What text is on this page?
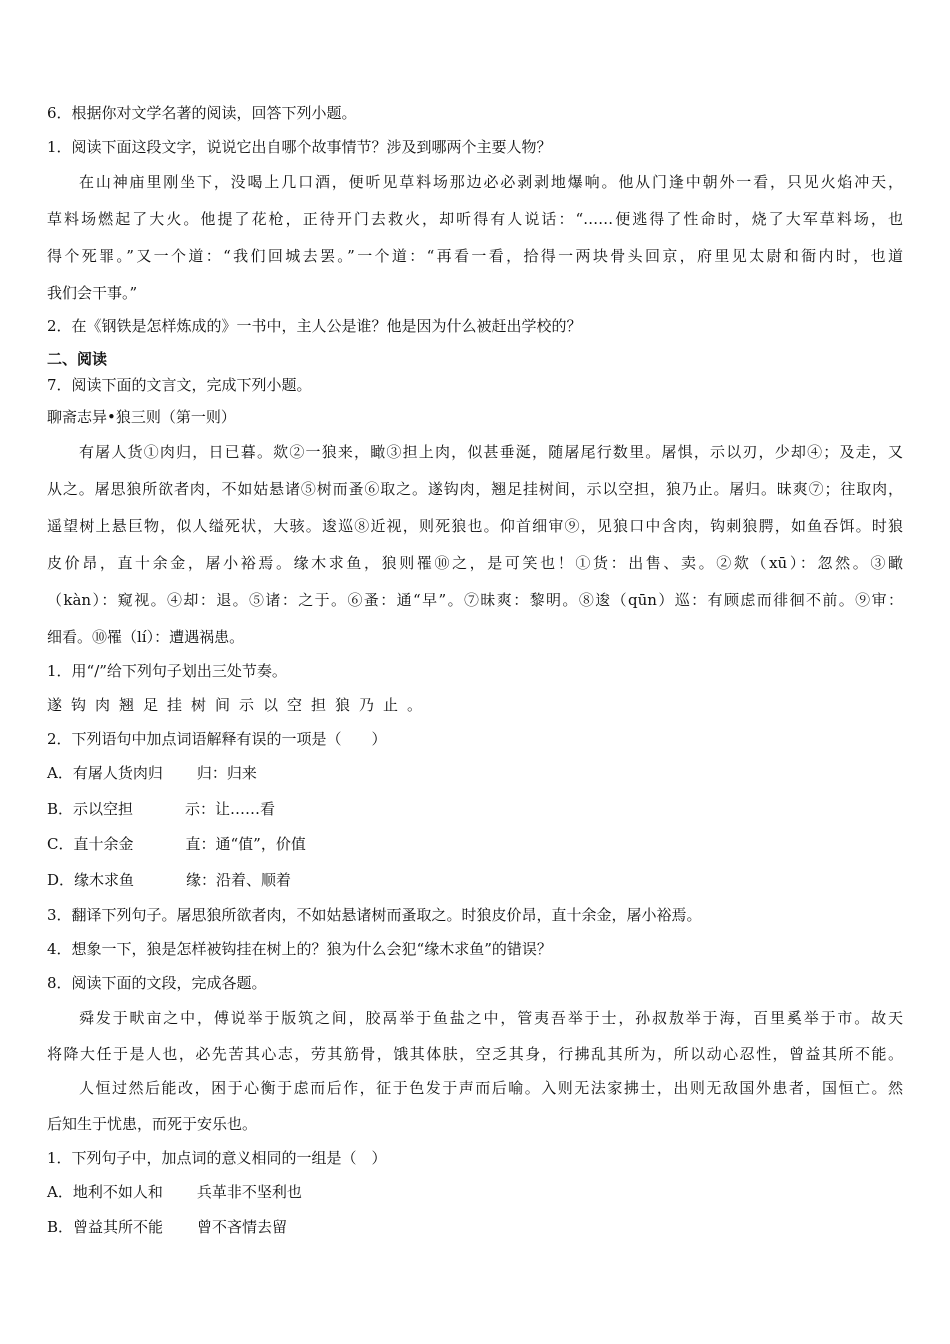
6．根据你对文学名著的阅读，回答下列小题。
1．阅读下面这段文字，说说它出自哪个故事情节？涉及到哪两个主要人物？
在山神庙里刚坐下，没喝上几口酒，便听见草料场那边必必剥剥地爆响。他从门逢中朝外一看，只见火焰冲天，
草料场燃起了大火。他提了花枪，正待开门去救火，却听得有人说话：“……便逃得了性命时，烧了大军草料场，也
得个死罪。”又一个道：“我们回城去罢。”一个道：“再看一看，拾得一两块骨头回京，府里见太尉和衙内时，也道
我们会干事。”
2．在《钢铁是怎样炼成的》一书中，主人公是谁？他是因为什么被赶出学校的？
二、阅读
7．阅读下面的文言文，完成下列小题。
聊斋志异•狼三则（第一则）
有屠人货①肉归，日已暮。欻②一狼来，瞰③担上肉，似甚垂涎，随屠尾行数里。屠惧，示以刃，少却④；及走，又
从之。屠思狼所欲者肉，不如姑悬诸⑤树而蚤⑥取之。遂钩肉，翘足挂树间，示以空担，狼乃止。屠归。昧爽⑦；往取肉，
遥望树上悬巨物，似人缢死状，大骇。逡巡⑧近视，则死狼也。仰首细审⑨，见狼口中含肉，钩刺狼腭，如鱼吞饵。时狼
皮价昂，直十余金，屠小裕焉。缘木求鱼，狼则罹⑩之，是可笑也！①货：出售、卖。②欻（xū）：忽然。③瞰
（kàn）：窥视。④却：退。⑤诸：之于。⑥蚤：通“早”。⑦昧爽：黎明。⑧逡（qūn）巡：有顾虑而徘徊不前。⑨审：
细看。⑩罹（lí）：遭遇祸患。
1．用“/”给下列句子划出三处节奏。
遂钩肉翘足挂树间示以空担狼乃止。
2．下列语句中加点词语解释有误的一项是（　　）
A．有屠人货肉归 归：归来
B．示以空担	示：让……看
C．直十余金	直：通“值”，价值
D．缘木求鱼	缘：沿着、顺着
3．翻译下列句子。屠思狼所欲者肉，不如姑悬诸树而蚤取之。时狼皮价昂，直十余金，屠小裕焉。
4．想象一下，狼是怎样被钩挂在树上的？狼为什么会犯“缘木求鱼”的错误？
8．阅读下面的文段，完成各题。
舜发于畎亩之中，傅说举于版筑之间，胶鬲举于鱼盐之中，管夷吾举于士，孙叔敖举于海，百里奚举于市。故天
将降大任于是人也，必先苦其心志，劳其筋骨，饿其体肤，空乏其身，行拂乱其所为，所以动心忍性，曾益其所不能。
人恒过然后能改，困于心衡于虑而后作，征于色发于声而后喻。入则无法家拂士，出则无敌国外患者，国恒亡。然
后知生于忧患，而死于安乐也。
1．下列句子中，加点词的意义相同的一组是（　）
A．地利不如人和 兵革非不坚利也
B．曾益其所不能 曾不吝情去留
